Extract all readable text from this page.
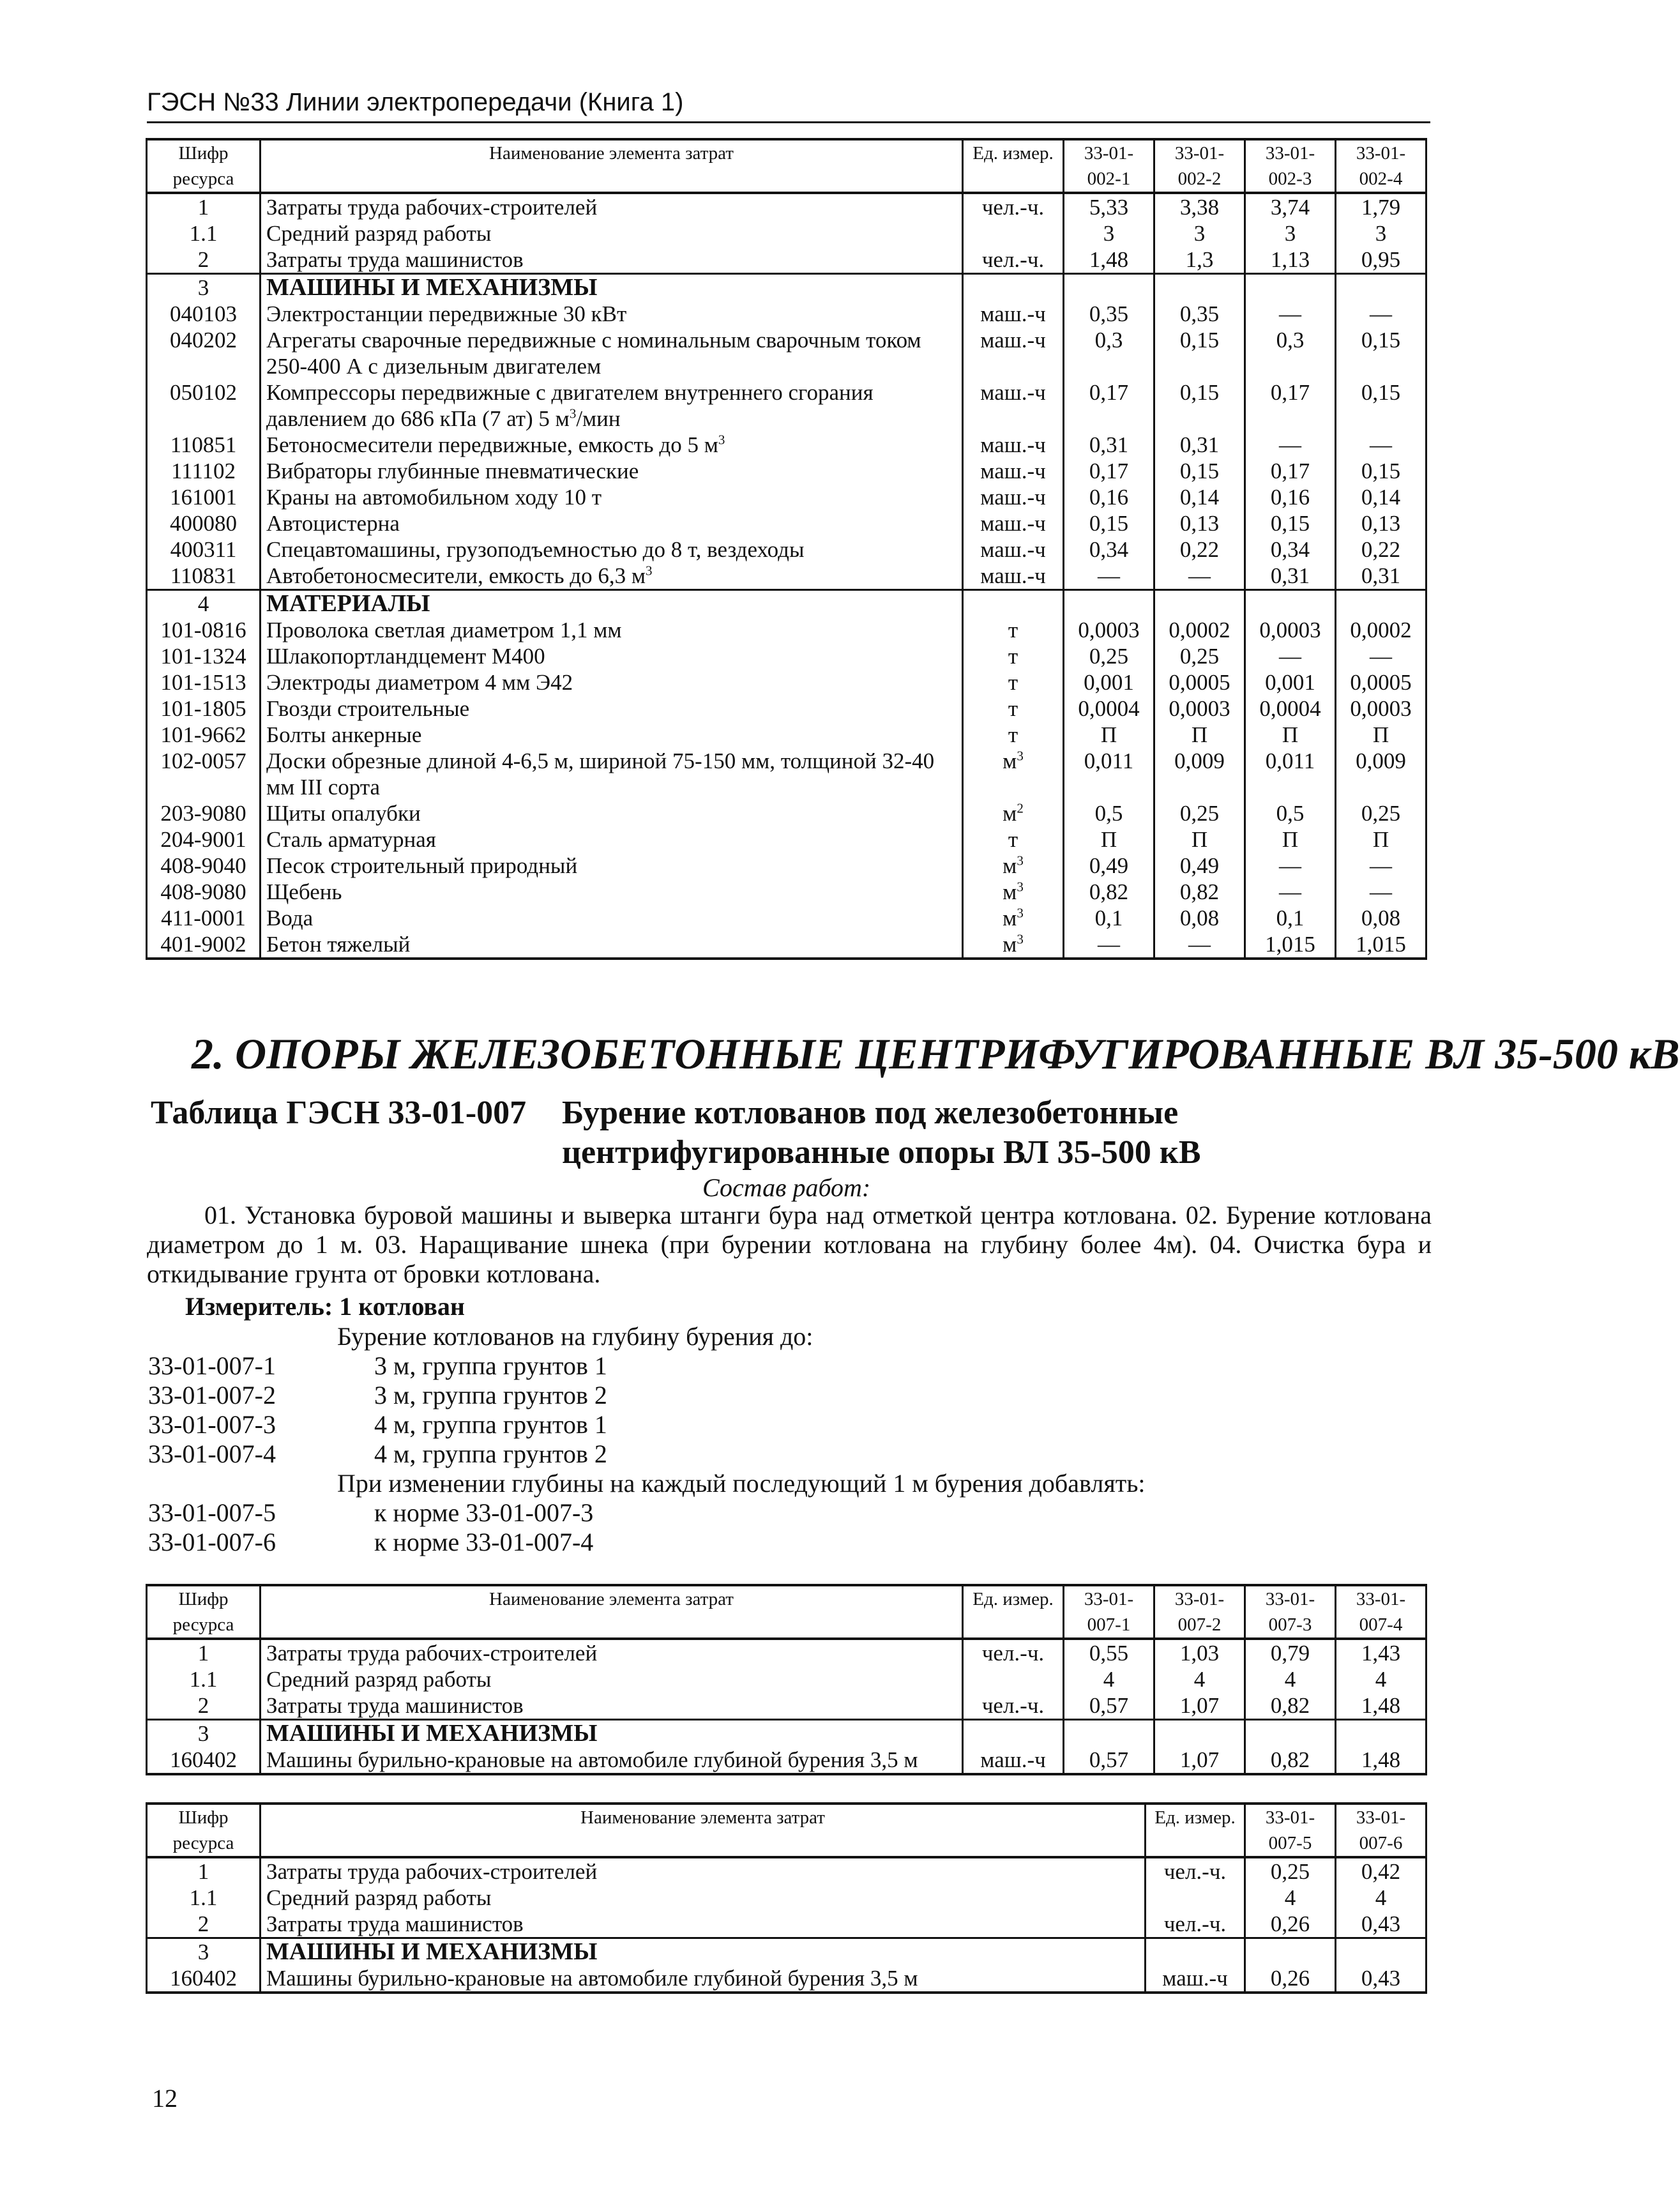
ГЭСН №33 Линии электропередачи (Книга 1)
Шифр ресурса	Наименование элемента затрат	Ед. измер.	33-01-002-1	33-01-002-2	33-01-002-3	33-01-002-4
1	Затраты труда рабочих-строителей	чел.-ч.	5,33	3,38	3,74	1,79
1.1	Средний разряд работы		3	3	3	3
2	Затраты труда машинистов	чел.-ч.	1,48	1,3	1,13	0,95
3	МАШИНЫ И МЕХАНИЗМЫ					
040103	Электростанции передвижные 30 кВт	маш.-ч	0,35	0,35	—	—
040202	Агрегаты сварочные передвижные с номинальным сварочным током 250-400 А с дизельным двигателем	маш.-ч	0,3	0,15	0,3	0,15
050102	Компрессоры передвижные с двигателем внутреннего сгорания давлением до 686 кПа (7 ат) 5 $м^3$/мин	маш.-ч	0,17	0,15	0,17	0,15
110851	Бетоносмесители передвижные, емкость до 5 $м^3$	маш.-ч	0,31	0,31	—	—
111102	Вибраторы глубинные пневматические	маш.-ч	0,17	0,15	0,17	0,15
161001	Краны на автомобильном ходу 10 т	маш.-ч	0,16	0,14	0,16	0,14
400080	Автоцистерна	маш.-ч	0,15	0,13	0,15	0,13
400311	Спецавтомашины, грузоподъемностью до 8 т, вездеходы	маш.-ч	0,34	0,22	0,34	0,22
110831	Автобетоносмесители, емкость до 6,3 $м^3$	маш.-ч	—	—	0,31	0,31
4	МАТЕРИАЛЫ					
101-0816	Проволока светлая диаметром 1,1 мм	т	0,0003	0,0002	0,0003	0,0002
101-1324	Шлакопортландцемент М400	т	0,25	0,25	—	—
101-1513	Электроды диаметром 4 мм Э42	т	0,001	0,0005	0,001	0,0005
101-1805	Гвозди строительные	т	0,0004	0,0003	0,0004	0,0003
101-9662	Болты анкерные	т	П	П	П	П
102-0057	Доски обрезные длиной 4-6,5 м, шириной 75-150 мм, толщиной 32-40 мм III сорта	$м^3$	0,011	0,009	0,011	0,009
203-9080	Щиты опалубки	$м^2$	0,5	0,25	0,5	0,25
204-9001	Сталь арматурная	т	П	П	П	П
408-9040	Песок строительный природный	$м^3$	0,49	0,49	—	—
408-9080	Щебень	$м^3$	0,82	0,82	—	—
411-0001	Вода	$м^3$	0,1	0,08	0,1	0,08
401-9002	Бетон тяжелый	$м^3$	—	—	1,015	1,015
2. ОПОРЫ ЖЕЛЕЗОБЕТОННЫЕ ЦЕНТРИФУГИРОВАННЫЕ ВЛ 35-500 кВ
Таблица ГЭСН 33-01-007 Бурение котлованов под железобетонные центрифугированные опоры ВЛ 35-500 кВ
Состав работ:
01. Установка буровой машины и выверка штанги бура над отметкой центра котлована. 02. Бурение котлована диаметром до 1 м. 03. Наращивание шнека (при бурении котлована на глубину более 4м). 04. Очистка бура и откидывание грунта от бровки котлована.
Измеритель: 1 котлован
Бурение котлованов на глубину бурения до:
33-01-007-1	3 м, группа грунтов 1
33-01-007-2	3 м, группа грунтов 2
33-01-007-3	4 м, группа грунтов 1
33-01-007-4	4 м, группа грунтов 2
При изменении глубины на каждый последующий 1 м бурения добавлять:
33-01-007-5	к норме 33-01-007-3
33-01-007-6	к норме 33-01-007-4
Шифр ресурса	Наименование элемента затрат	Ед. измер.	33-01-007-1	33-01-007-2	33-01-007-3	33-01-007-4
1	Затраты труда рабочих-строителей	чел.-ч.	0,55	1,03	0,79	1,43
1.1	Средний разряд работы		4	4	4	4
2	Затраты труда машинистов	чел.-ч.	0,57	1,07	0,82	1,48
3	МАШИНЫ И МЕХАНИЗМЫ					
160402	Машины бурильно-крановые на автомобиле глубиной бурения 3,5 м	маш.-ч	0,57	1,07	0,82	1,48
Шифр ресурса	Наименование элемента затрат	Ед. измер.	33-01-007-5	33-01-007-6
1	Затраты труда рабочих-строителей	чел.-ч.	0,25	0,42
1.1	Средний разряд работы		4	4
2	Затраты труда машинистов	чел.-ч.	0,26	0,43
3	МАШИНЫ И МЕХАНИЗМЫ			
160402	Машины бурильно-крановые на автомобиле глубиной бурения 3,5 м	маш.-ч	0,26	0,43
12
